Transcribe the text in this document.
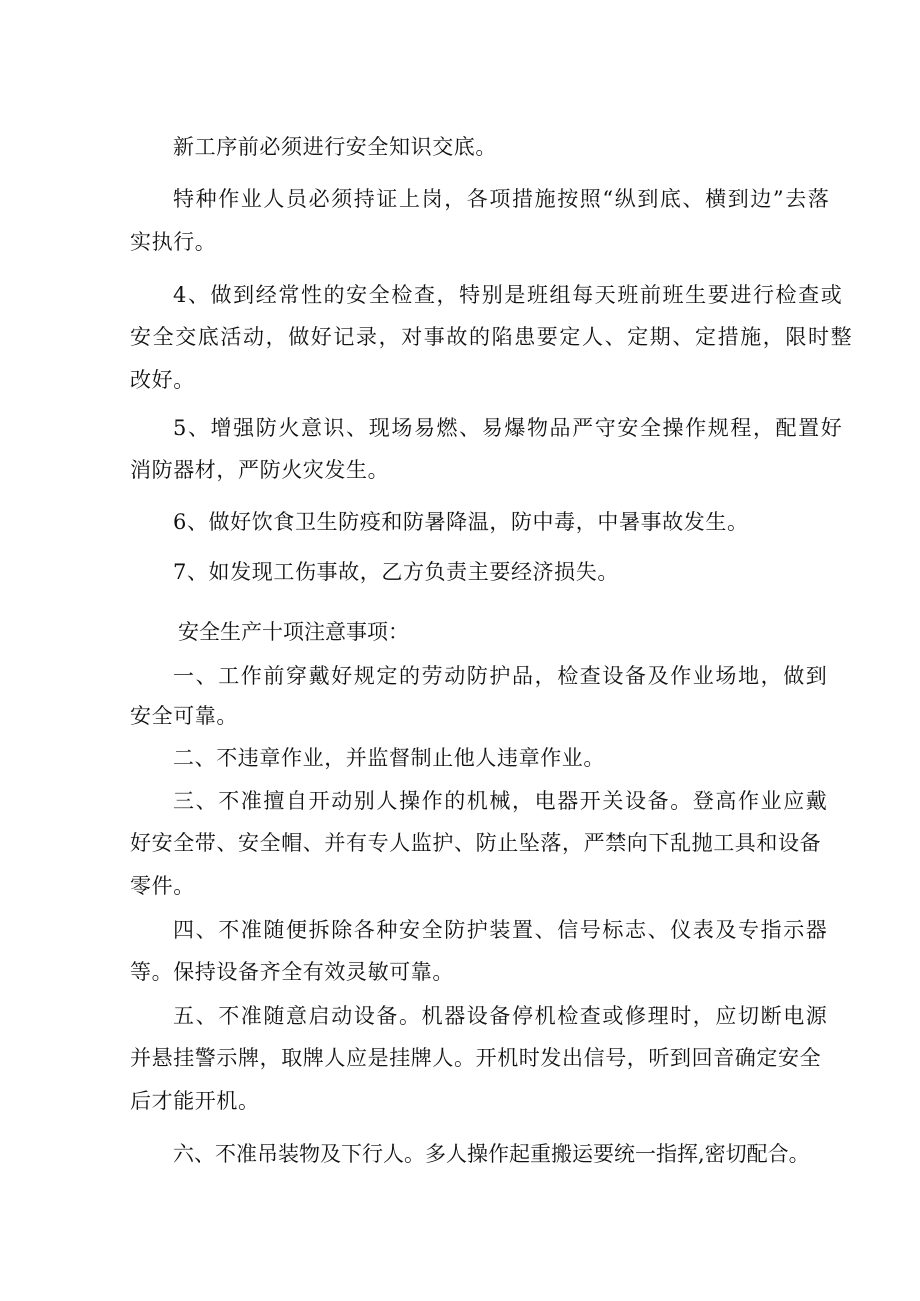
新工序前必须进行安全知识交底。
特种作业人员必须持证上岗，各项措施按照“纵到底、横到边”去落
实执行。
4、做到经常性的安全检查，特别是班组每天班前班生要进行检查或
安全交底活动，做好记录，对事故的陷患要定人、定期、定措施，限时整
改好。
5、增强防火意识、现场易燃、易爆物品严守安全操作规程，配置好
消防器材，严防火灾发生。
6、做好饮食卫生防疫和防暑降温，防中毒，中暑事故发生。
7、如发现工伤事故，乙方负责主要经济损失。
安全生产十项注意事项：
一、工作前穿戴好规定的劳动防护品，检查设备及作业场地，做到
安全可靠。
二、不违章作业，并监督制止他人违章作业。
三、不准擅自开动别人操作的机械，电器开关设备。登高作业应戴
好安全带、安全帽、并有专人监护、防止坠落，严禁向下乱抛工具和设备
零件。
四、不准随便拆除各种安全防护装置、信号标志、仪表及专指示器
等。保持设备齐全有效灵敏可靠。
五、不准随意启动设备。机器设备停机检查或修理时，应切断电源
并悬挂警示牌，取牌人应是挂牌人。开机时发出信号，听到回音确定安全
后才能开机。
六、不准吊装物及下行人。多人操作起重搬运要统一指挥,密切配合。
